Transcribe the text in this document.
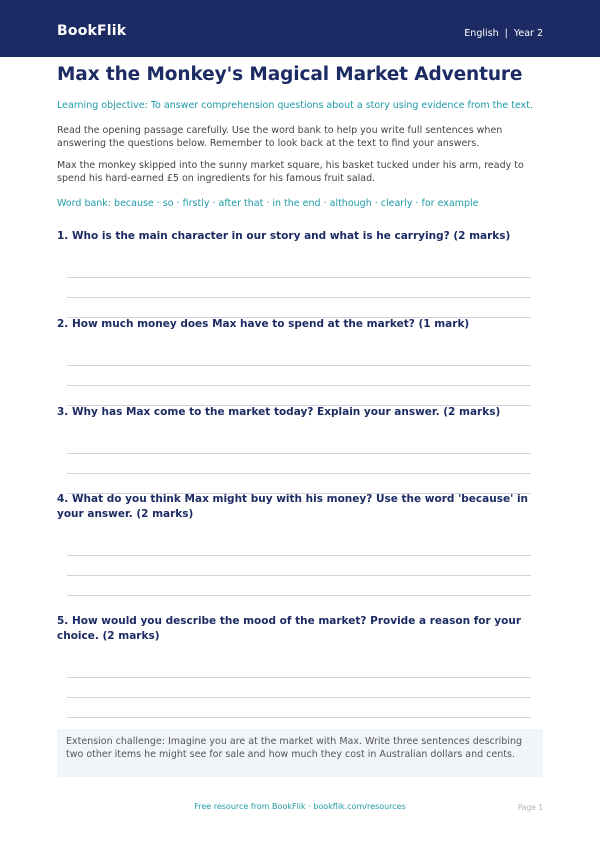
BookFlik	English | Year 2
Max the Monkey's Magical Market Adventure
Learning objective: To answer comprehension questions about a story using evidence from the text.
Read the opening passage carefully. Use the word bank to help you write full sentences when answering the questions below. Remember to look back at the text to find your answers.
Max the monkey skipped into the sunny market square, his basket tucked under his arm, ready to spend his hard-earned £5 on ingredients for his famous fruit salad.
Word bank: because · so · firstly · after that · in the end · although · clearly · for example
1. Who is the main character in our story and what is he carrying? (2 marks)
2. How much money does Max have to spend at the market? (1 mark)
3. Why has Max come to the market today? Explain your answer. (2 marks)
4. What do you think Max might buy with his money? Use the word 'because' in your answer. (2 marks)
5. How would you describe the mood of the market? Provide a reason for your choice. (2 marks)
Extension challenge: Imagine you are at the market with Max. Write three sentences describing two other items he might see for sale and how much they cost in Australian dollars and cents.
Free resource from BookFlik · bookflik.com/resources	Page 1
